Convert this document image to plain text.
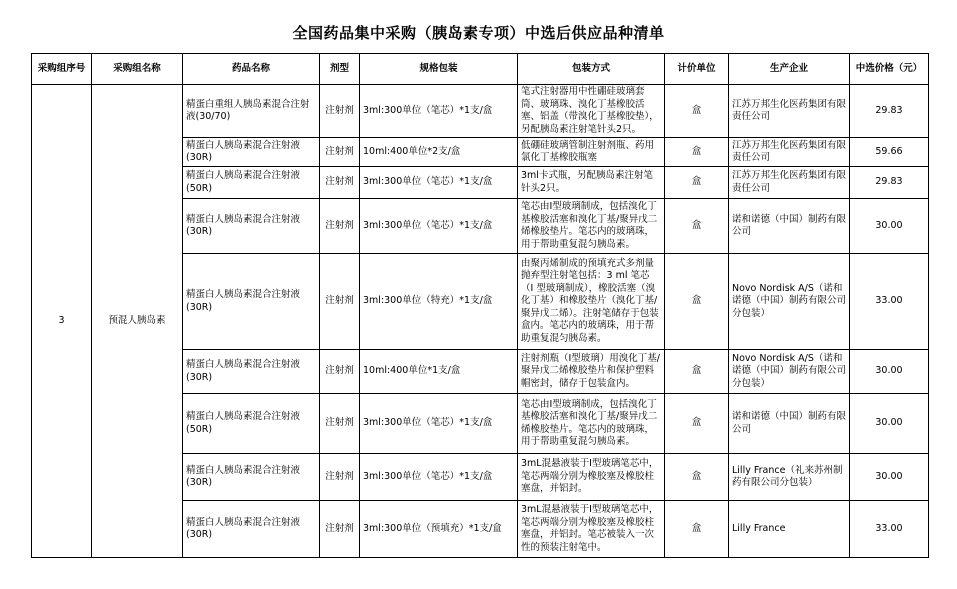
全国药品集中采购（胰岛素专项）中选后供应品种清单
采购组序号	采购组名称	药品名称	剂型	规格包装	包装方式	计价单位	生产企业	中选价格（元）
3	预混人胰岛素	精蛋白重组人胰岛素混合注射液(30/70)	注射剂	3ml:300单位（笔芯）*1支/盒	笔式注射器用中性硼硅玻璃套筒、玻璃珠、溴化丁基橡胶活塞、铝盖（带溴化丁基橡胶垫），另配胰岛素注射笔针头2只。	盒	江苏万邦生化医药集团有限责任公司	29.83
		精蛋白人胰岛素混合注射液(30R)	注射剂	10ml:400单位*2支/盒	低硼硅玻璃管制注射剂瓶、药用氯化丁基橡胶瓶塞	盒	江苏万邦生化医药集团有限责任公司	59.66
		精蛋白人胰岛素混合注射液(50R)	注射剂	3ml:300单位（笔芯）*1支/盒	3ml卡式瓶，另配胰岛素注射笔针头2只。	盒	江苏万邦生化医药集团有限责任公司	29.83
		精蛋白人胰岛素混合注射液(30R)	注射剂	3ml:300单位（笔芯）*1支/盒	笔芯由I型玻璃制成，包括溴化丁基橡胶活塞和溴化丁基/聚异戊二烯橡胶垫片。笔芯内的玻璃珠，用于帮助重复混匀胰岛素。	盒	诺和诺德（中国）制药有限公司	30.00
		精蛋白人胰岛素混合注射液(30R)	注射剂	3ml:300单位（特充）*1支/盒	由聚丙烯制成的预填充式多剂量抛弃型注射笔包括：3 ml 笔芯（I 型玻璃制成），橡胶活塞（溴化丁基）和橡胶垫片（溴化丁基/聚异戊二烯）。注射笔储存于包装盒内。笔芯内的玻璃珠，用于帮助重复混匀胰岛素。	盒	Novo Nordisk A/S（诺和诺德（中国）制药有限公司分包装）	33.00
		精蛋白人胰岛素混合注射液(30R)	注射剂	10ml:400单位*1支/盒	注射剂瓶（I型玻璃）用溴化丁基/聚异戊二烯橡胶垫片和保护塑料帽密封，储存于包装盒内。	盒	Novo Nordisk A/S（诺和诺德（中国）制药有限公司分包装）	30.00
		精蛋白人胰岛素混合注射液(50R)	注射剂	3ml:300单位（笔芯）*1支/盒	笔芯由I型玻璃制成，包括溴化丁基橡胶活塞和溴化丁基/聚异戊二烯橡胶垫片。笔芯内的玻璃珠，用于帮助重复混匀胰岛素。	盒	诺和诺德（中国）制药有限公司	30.00
		精蛋白人胰岛素混合注射液(30R)	注射剂	3ml:300单位（笔芯）*1支/盒	3mL混悬液装于I型玻璃笔芯中，笔芯两端分别为橡胶塞及橡胶柱塞盘，并铝封。	盒	Lilly France（礼来苏州制药有限公司分包装）	30.00
		精蛋白人胰岛素混合注射液(30R)	注射剂	3ml:300单位（预填充）*1支/盒	3mL混悬液装于I型玻璃笔芯中，笔芯两端分别为橡胶塞及橡胶柱塞盘，并铝封。笔芯被装入一次性的预装注射笔中。	盒	Lilly France	33.00
